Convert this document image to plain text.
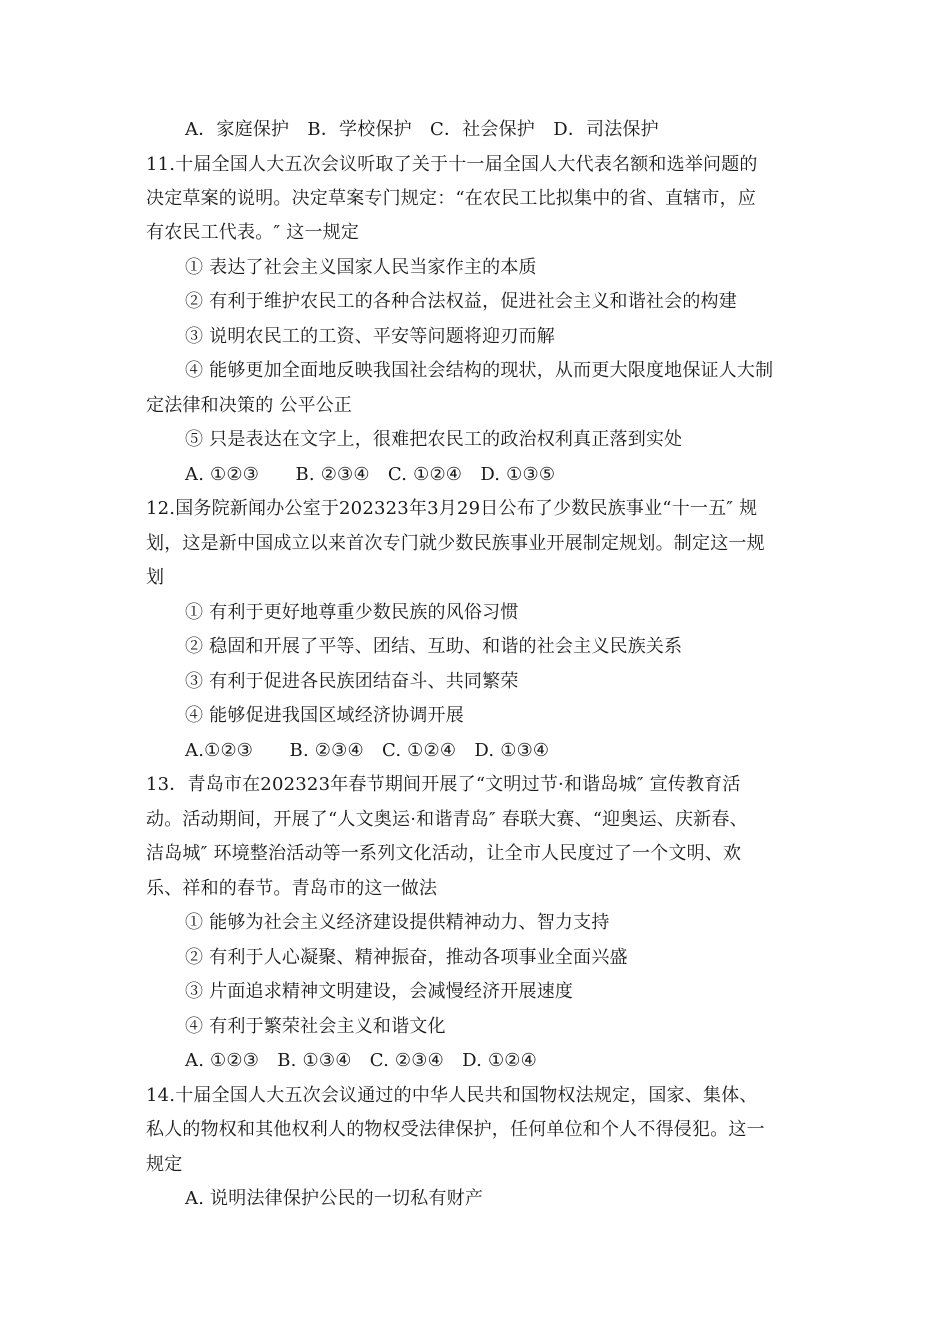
A．家庭保护　B．学校保护　C．社会保护　D．司法保护
11.十届全国人大五次会议听取了关于十一届全国人大代表名额和选举问题的
决定草案的说明。决定草案专门规定：“在农民工比拟集中的省、直辖市，应
有农民工代表。″ 这一规定
① 表达了社会主义国家人民当家作主的本质
② 有利于维护农民工的各种合法权益，促进社会主义和谐社会的构建
③ 说明农民工的工资、平安等问题将迎刃而解
④ 能够更加全面地反映我国社会结构的现状，从而更大限度地保证人大制
定法律和决策的 公平公正
⑤ 只是表达在文字上，很难把农民工的政治权利真正落到实处
A. ①②③　　B. ②③④　C. ①②④　D. ①③⑤
12.国务院新闻办公室于202323年3月29日公布了少数民族事业“十一五″ 规
划，这是新中国成立以来首次专门就少数民族事业开展制定规划。制定这一规
划
① 有利于更好地尊重少数民族的风俗习惯
② 稳固和开展了平等、团结、互助、和谐的社会主义民族关系
③ 有利于促进各民族团结奋斗、共同繁荣
④ 能够促进我国区域经济协调开展
A.①②③　　B. ②③④　C. ①②④　D. ①③④
13．青岛市在202323年春节期间开展了“文明过节·和谐岛城″ 宣传教育活
动。活动期间，开展了“人文奥运·和谐青岛″ 春联大赛、“迎奥运、庆新春、
洁岛城″ 环境整治活动等一系列文化活动，让全市人民度过了一个文明、欢
乐、祥和的春节。青岛市的这一做法
① 能够为社会主义经济建设提供精神动力、智力支持
② 有利于人心凝聚、精神振奋，推动各项事业全面兴盛
③ 片面追求精神文明建设，会减慢经济开展速度
④ 有利于繁荣社会主义和谐文化
A. ①②③　B. ①③④　C. ②③④　D. ①②④
14.十届全国人大五次会议通过的中华人民共和国物权法规定，国家、集体、
私人的物权和其他权利人的物权受法律保护，任何单位和个人不得侵犯。这一
规定
A. 说明法律保护公民的一切私有财产
